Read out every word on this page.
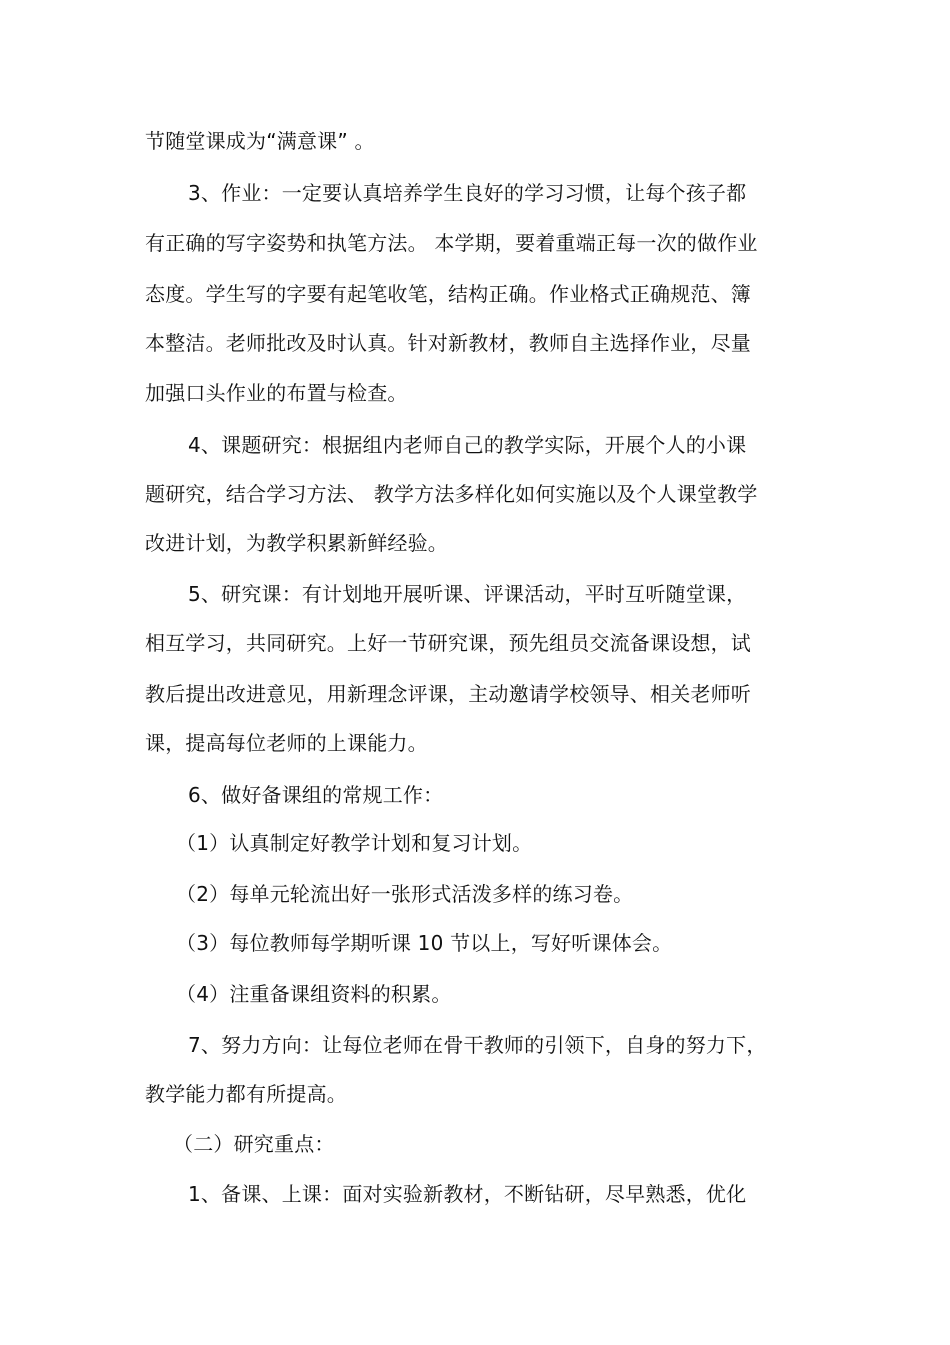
节随堂课成为“满意课” 。
3、作业：一定要认真培养学生良好的学习习惯，让每个孩子都
有正确的写字姿势和执笔方法。 本学期，要着重端正每一次的做作业
态度。学生写的字要有起笔收笔，结构正确。作业格式正确规范、簿
本整洁。老师批改及时认真。针对新教材，教师自主选择作业，尽量
加强口头作业的布置与检查。
4、课题研究：根据组内老师自己的教学实际，开展个人的小课
题研究，结合学习方法、 教学方法多样化如何实施以及个人课堂教学
改进计划，为教学积累新鲜经验。
5、研究课：有计划地开展听课、评课活动，平时互听随堂课，
相互学习，共同研究。上好一节研究课，预先组员交流备课设想，试
教后提出改进意见，用新理念评课，主动邀请学校领导、相关老师听
课，提高每位老师的上课能力。
6、做好备课组的常规工作：
（1）认真制定好教学计划和复习计划。
（2）每单元轮流出好一张形式活泼多样的练习卷。
（3）每位教师每学期听课 10 节以上，写好听课体会。
（4）注重备课组资料的积累。
7、努力方向：让每位老师在骨干教师的引领下，自身的努力下，
教学能力都有所提高。
（二）研究重点：
1、备课、上课：面对实验新教材，不断钻研，尽早熟悉，优化
